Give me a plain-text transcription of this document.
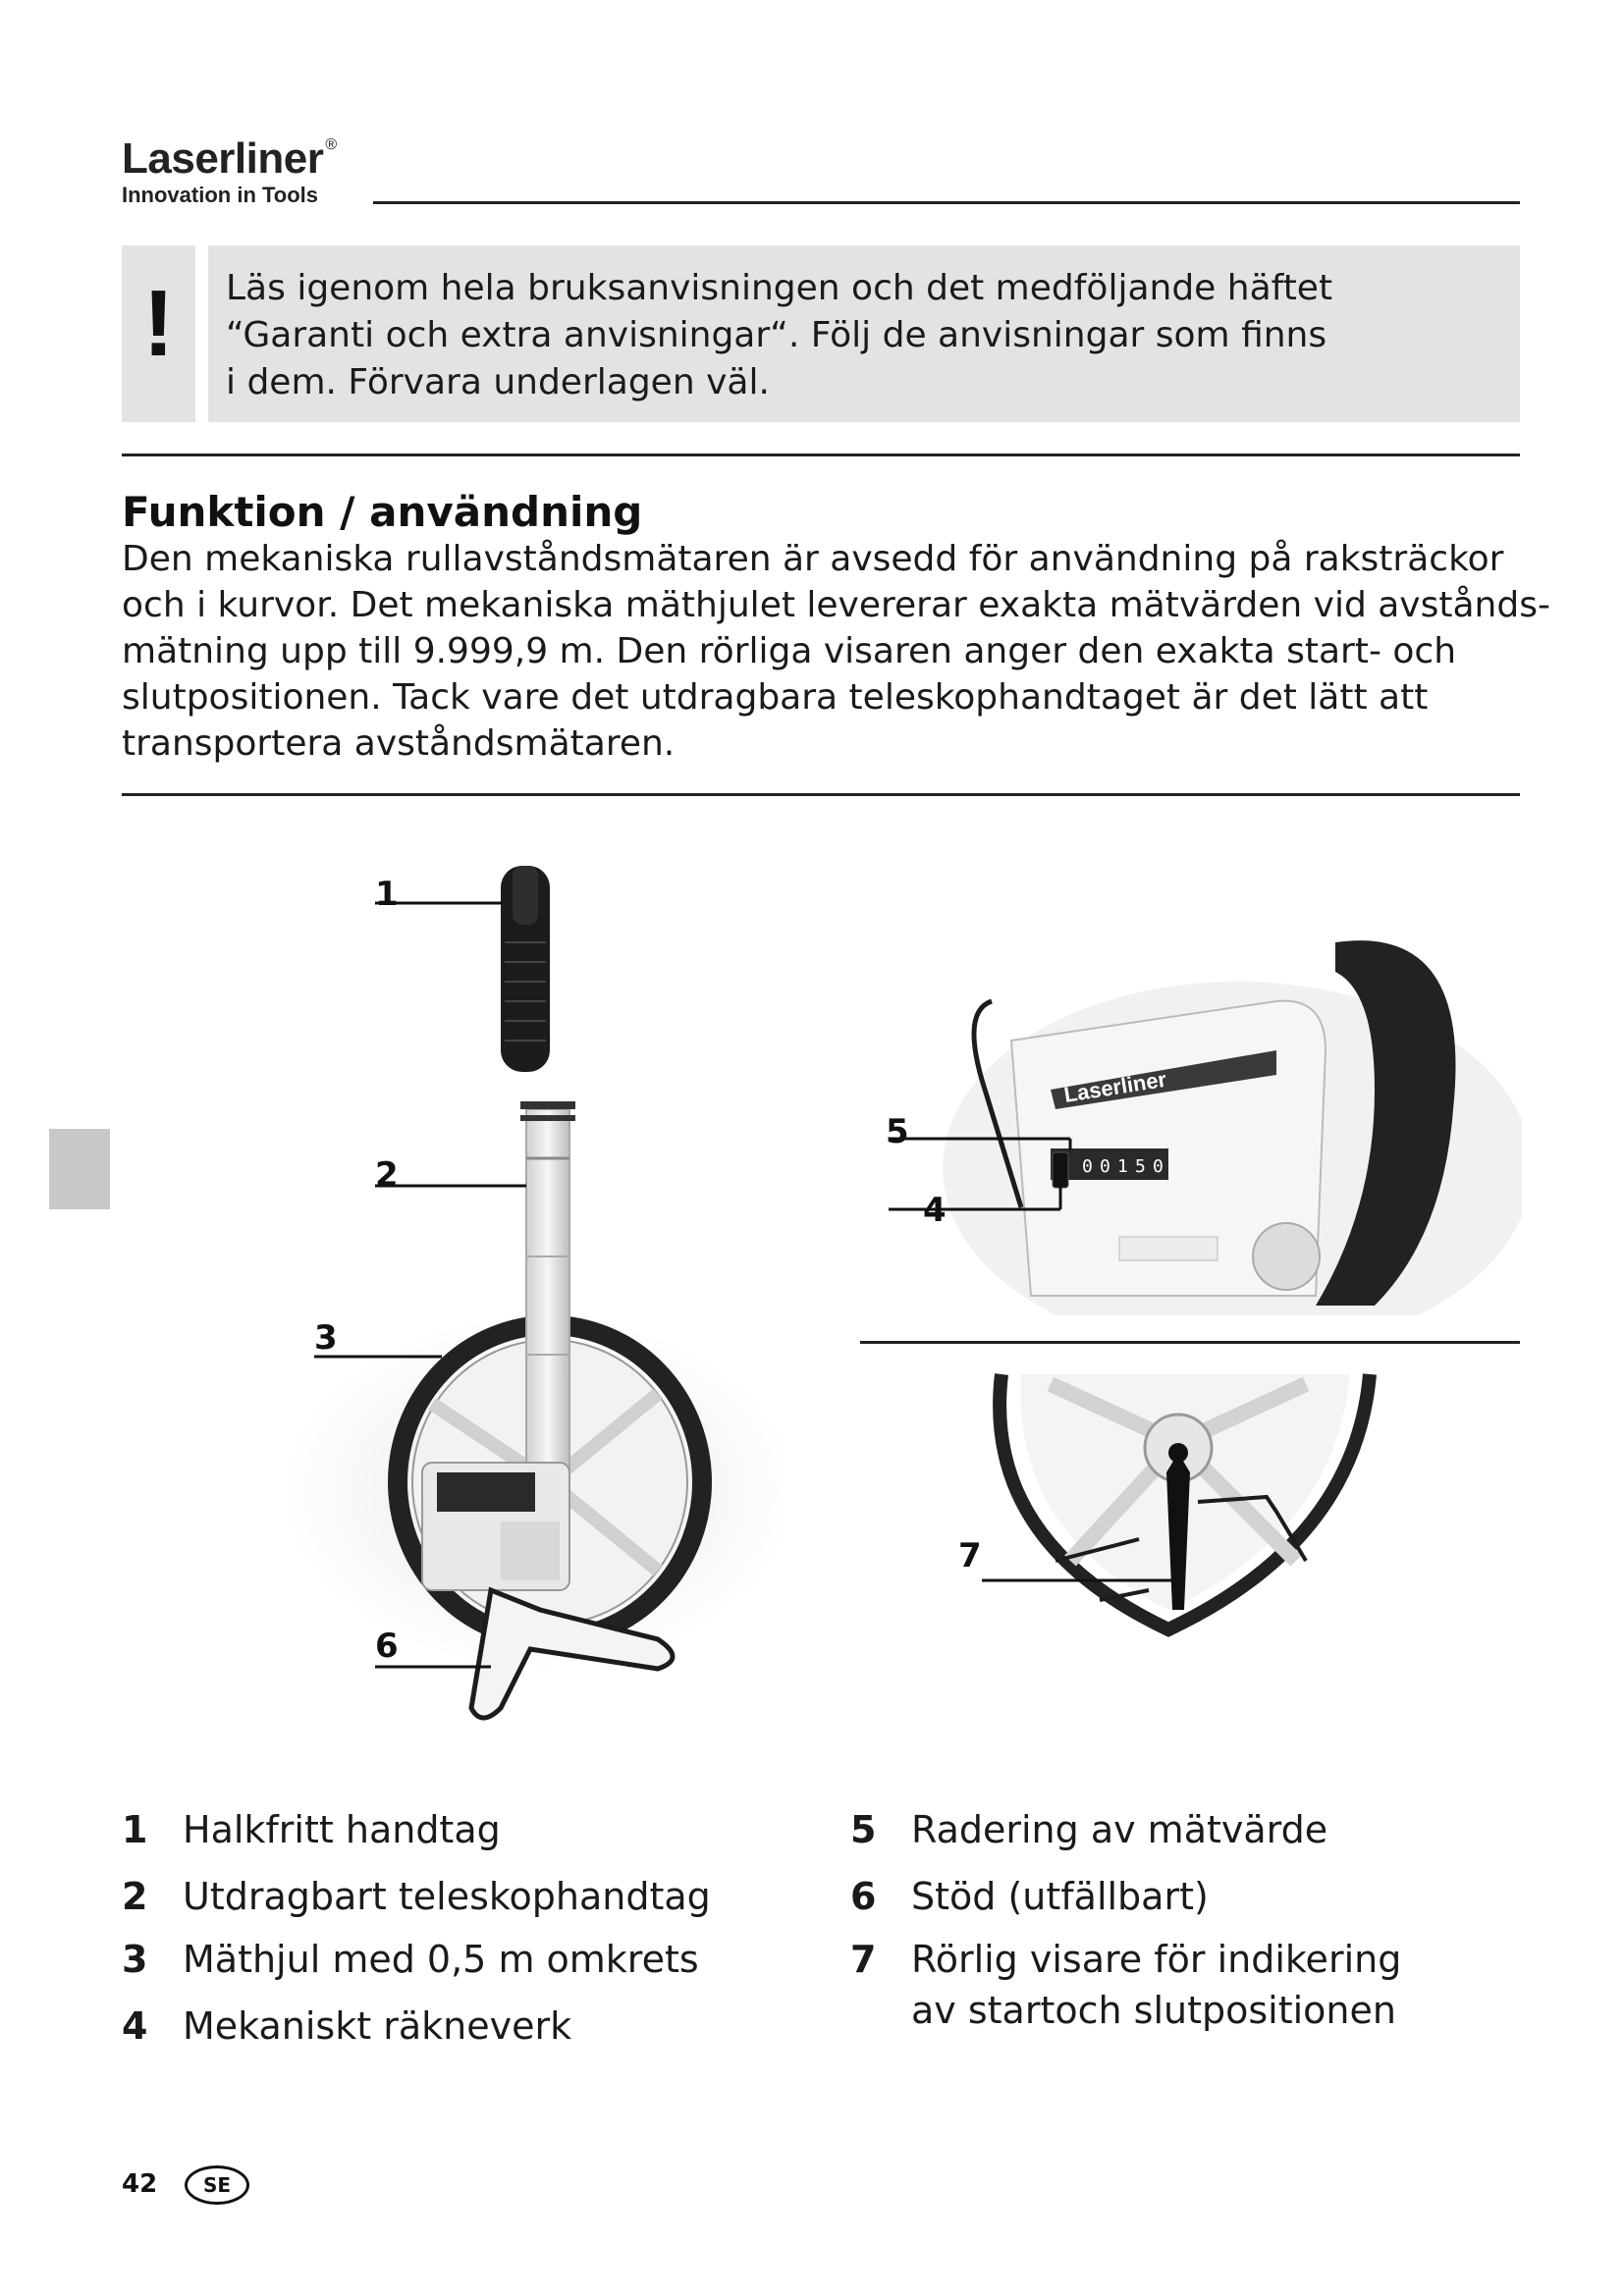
Laserliner ®
Innovation in Tools
!	Läs igenom hela bruksanvisningen och det medföljande häftet
“Garanti och extra anvisningar“. Följ de anvisningar som finns
i dem. Förvara underlagen väl.
Funktion / användning
Den mekaniska rullavståndsmätaren är avsedd för användning på raksträckor
och i kurvor. Det mekaniska mäthjulet levererar exakta mätvärden vid avstånds-
mätning upp till 9.999,9 m. Den rörliga visaren anger den exakta start- och
slutpositionen. Tack vare det utdragbara teleskophandtaget är det lätt att
transportera avståndsmätaren.
1
2
3
6
Laserliner
0 0 1 5 0
5
4
7
1 Halkfritt handtag
2 Utdragbart teleskophandtag
3 Mäthjul med 0,5 m omkrets
4 Mekaniskt räkneverk
5 Radering av mätvärde
6 Stöd (utfällbart)
7 Rörlig visare för indikering
av startoch slutpositionen
42	SE
